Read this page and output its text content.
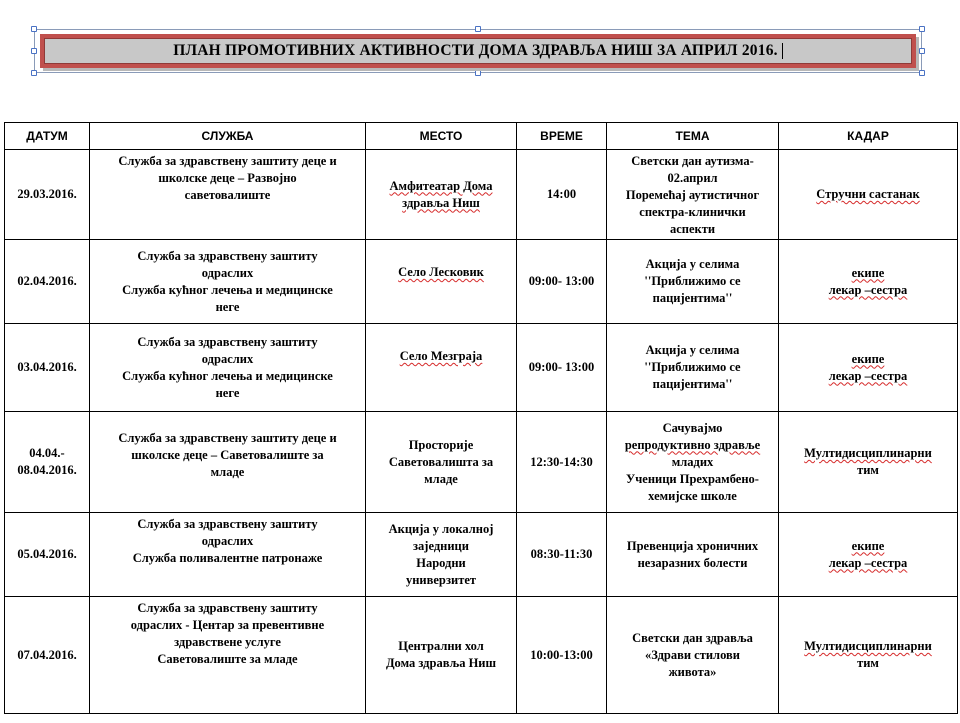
ПЛАН ПРОМОТИВНИХ АКТИВНОСТИ ДОМА ЗДРАВЉА НИШ ЗА АПРИЛ 2016.
ДАТУМ	СЛУЖБА	МЕСТО	ВРЕМЕ	ТЕМА	КАДАР
29.03.2016.	Служба за здравствену заштиту деце и
школске деце – Развојно
саветовалиште	Амфитеатар Дома
здравља Ниш	14:00	Светски дан аутизма-
02.април
Поремећај аутистичног
спектра-клинички
аспекти	Стручни састанак

02.04.2016.	Служба за здравствену заштиту
одраслих
Служба кућног лечења и медицинске
неге	Село Лесковик	09:00- 13:00	Акција у селима
''Приближимо се
пацијентима''	екипе
лекар –сестра

03.04.2016.	Служба за здравствену заштиту
одраслих
Служба кућног лечења и медицинске
неге	Село Мезграја	09:00- 13:00	Акција у селима
''Приближимо се
пацијентима''	екипе
лекар –сестра

04.04.-
08.04.2016.	Служба за здравствену заштиту деце и
школске деце – Саветовалиште за
младе	Просторије
Саветовалишта за
младе	12:30-14:30	Сачувајмо
репродуктивно здравље
младих
Ученици Прехрамбено-
хемијске школе	Мултидисциплинарни
тим

05.04.2016.	Служба за здравствену заштиту
одраслих
Служба поливалентне патронаже	Акција у локалној
заједници
Народни
универзитет	08:30-11:30	Превенција хроничних
незаразних болести	екипе
лекар –сестра

07.04.2016.	Служба за здравствену заштиту
одраслих - Центар за превентивне
здравствене услуге
Саветовалиште за младе	Централни хол
Дома здравља Ниш	10:00-13:00	Светски дан здравља
«Здрави стилови
живота»	Мултидисциплинарни
тим
